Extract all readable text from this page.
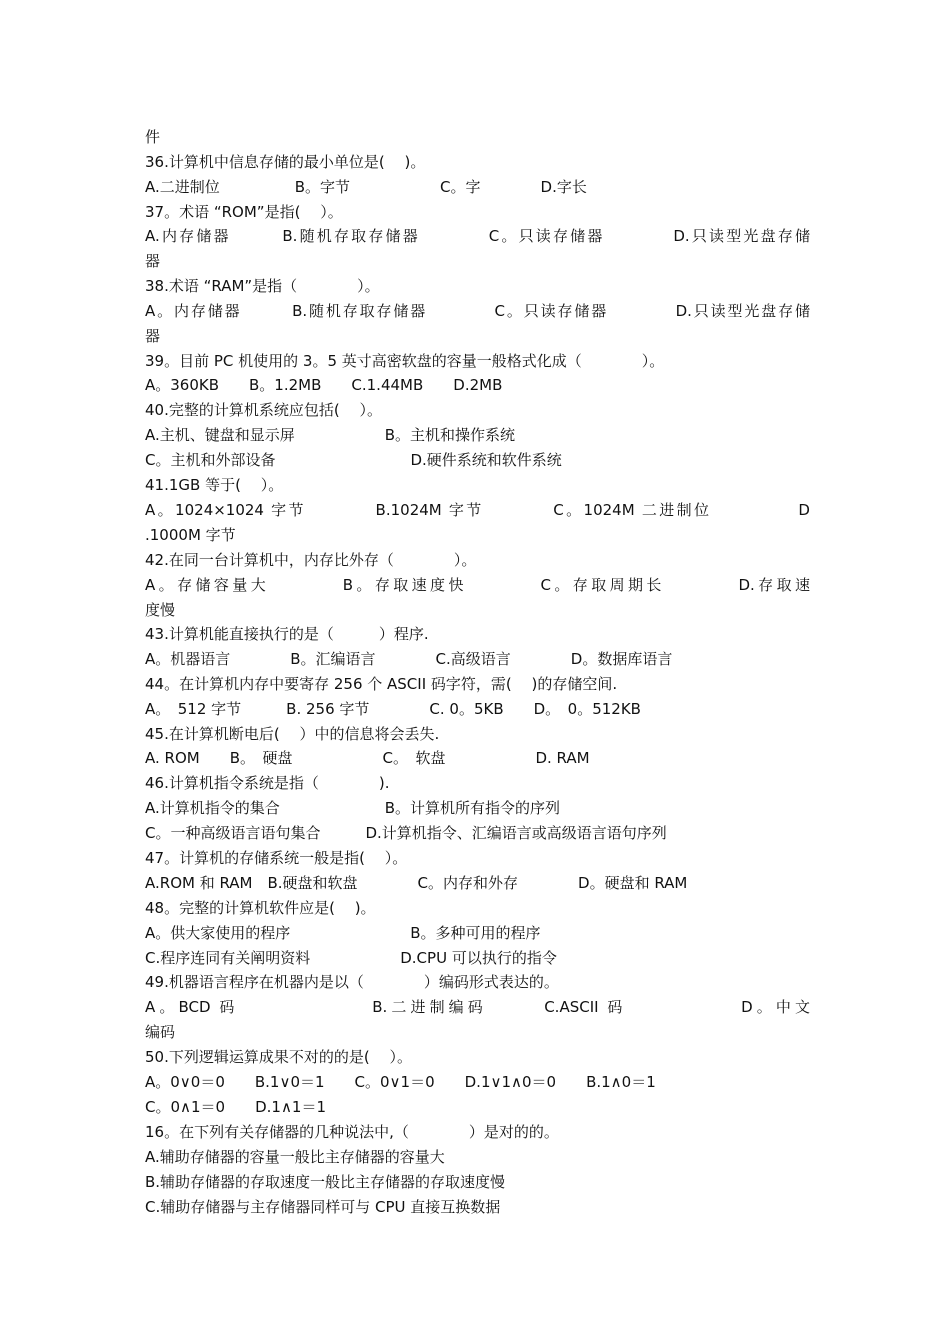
件
36.计算机中信息存储的最小单位是(　 )。
A.二进制位　　　　　B。字节　　　　　　C。字　　　　D.字长
37。术语 “ROM”是指(　 ）。
A.内存储器　　　B.随机存取存储器　　　　C。只读存储器　　　　D.只读型光盘存储
器
38.术语 “RAM”是指（　　　　）。
A。内存储器　　　B.随机存取存储器　　　　C。只读存储器　　　　D.只读型光盘存储
器
39。目前 PC 机使用的 3。5 英寸高密软盘的容量一般格式化成（　　　　）。
A。360KB　　B。1.2MB　　C.1.44MB　　D.2MB
40.完整的计算机系统应包括(　 ）。
A.主机、键盘和显示屏　　　　　　B。主机和操作系统
C。主机和外部设备　　　　　　　　　D.硬件系统和软件系统
41.1GB 等于(　 ）。
A。1024×1024 字节　　　　B.1024M 字节　　　　C。1024M 二进制位　　　　　D
.1000M 字节
42.在同一台计算机中，内存比外存（　　　　）。
A。存储容量大　　　　B。存取速度快　　　　C。存取周期长　　　　D.存取速
度慢
43.计算机能直接执行的是（　　　）程序.
A。机器语言　　　　B。汇编语言　　　　C.高级语言　　　　D。数据库语言
44。在计算机内存中要寄存 256 个 ASCII 码字符，需(　 )的存储空间.
A。　512 字节　　　B. 256 字节　　　　C. 0。5KB　　D。　0。512KB
45.在计算机断电后(　 ）中的信息将会丢失.
A. ROM　　B。　硬盘　　　　　　C。　软盘　　　　　　D. RAM
46.计算机指令系统是指（　　　　).
A.计算机指令的集合　　　　　　　B。计算机所有指令的序列
C。一种高级语言语句集合　　　D.计算机指令、汇编语言或高级语言语句序列
47。计算机的存储系统一般是指(　 ）。
A.ROM 和 RAM　B.硬盘和软盘　　　　C。内存和外存　　　　D。硬盘和 RAM
48。完整的计算机软件应是(　 )。
A。供大家使用的程序　　　　　　　　B。多种可用的程序
C.程序连同有关阐明资料　　　　　　D.CPU 可以执行的指令
49.机器语言程序在机器内是以（　　　　）编码形式表达的。
A。BCD 码　　　　　　　B.二进制编码　　　C.ASCII 码　　　　　　D。中文
编码
50.下列逻辑运算成果不对的的是(　 ）。
A。0∨0＝0　　B.1∨0＝1　　C。0∨1＝0　　D.1∨1∧0＝0　　B.1∧0＝1
C。0∧1＝0　　D.1∧1＝1
16。在下列有关存储器的几种说法中,（　　　　）是对的的。
A.辅助存储器的容量一般比主存储器的容量大
B.辅助存储器的存取速度一般比主存储器的存取速度慢
C.辅助存储器与主存储器同样可与 CPU 直接互换数据
